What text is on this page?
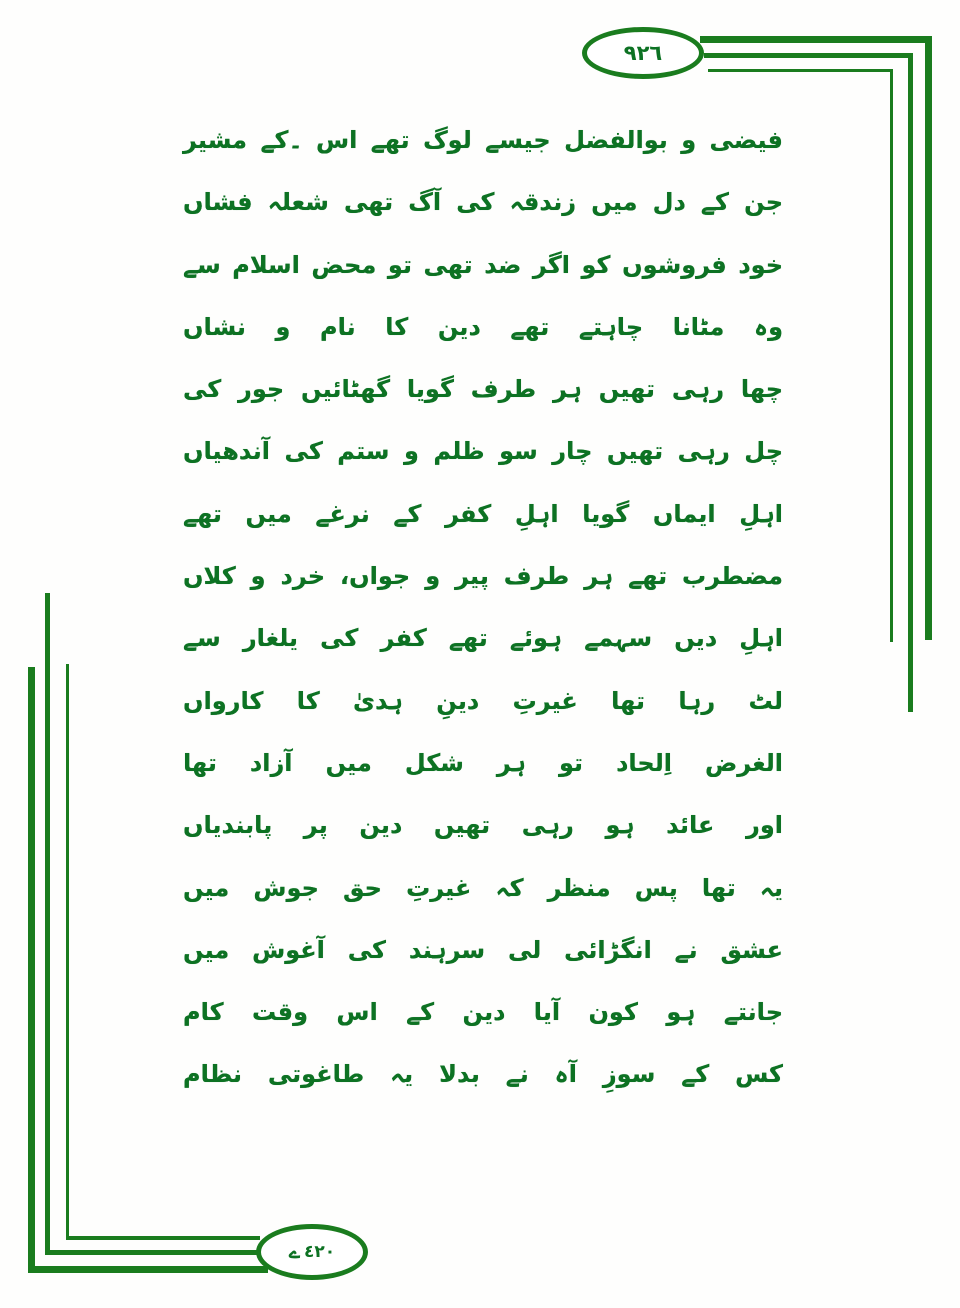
٩٢٦
ے ٤٢٠
فیضی و بوالفضل جیسے لوگ تھے اس ۔کے مشیر
جن کے دل میں زندقہ کی آگ تھی شعلہ فشاں
خود فروشوں کو اگر ضد تھی تو محض اسلام سے
وہ مٹانا چاہتے تھے دین کا نام و نشاں
چھا رہی تھیں ہر طرف گویا گھٹائیں جور کی
چل رہی تھیں چار سو ظلم و ستم کی آندھیاں
اہلِ ایماں گویا اہلِ کفر کے نرغے میں تھے
مضطرب تھے ہر طرف پیر و جواں، خرد و کلاں
اہلِ دیں سہمے ہوئے تھے کفر کی یلغار سے
لٹ رہا تھا غیرتِ دینِ ہدیٰ کا کارواں
الغرض اِلحاد تو ہر شکل میں آزاد تھا
اور عائد ہو رہی تھیں دین پر پابندیاں
یہ تھا پس منظر کہ غیرتِ حق جوش میں
عشق نے انگڑائی لی سرہند کی آغوش میں
جانتے ہو کون آیا دین کے اس وقت کام
کس کے سوزِ آہ نے بدلا یہ طاغوتی نظام
